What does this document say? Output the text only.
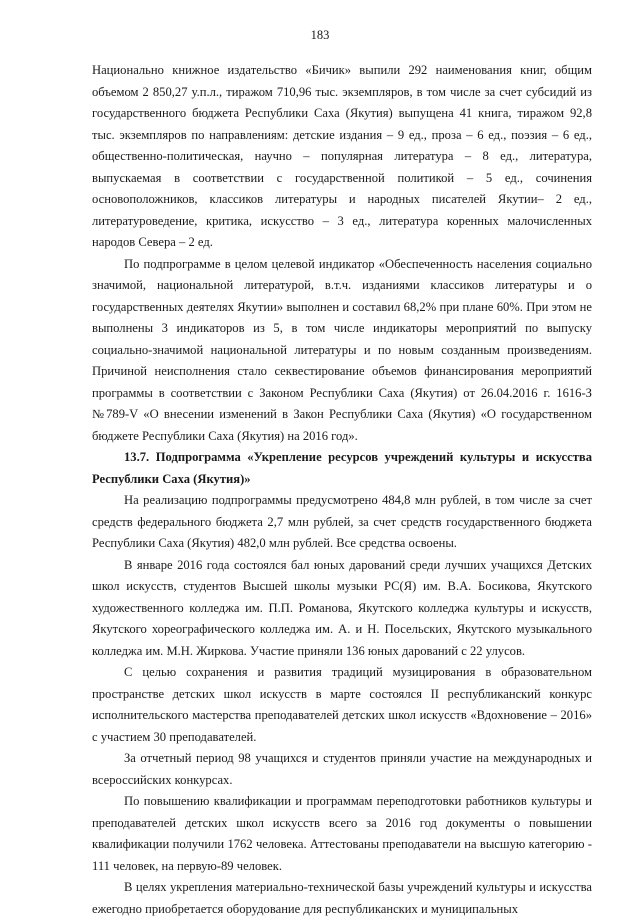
183

Национально книжное издательство «Бичик» выпили 292 наименования книг, общим объемом 2 850,27 у.п.л., тиражом 710,96 тыс. экземпляров, в том числе за счет субсидий из государственного бюджета Республики Саха (Якутия) выпущена 41 книга, тиражом 92,8 тыс. экземпляров по направлениям: детские издания – 9 ед., проза – 6 ед., поэзия – 6 ед., общественно-политическая, научно – популярная литература – 8 ед., литература, выпускаемая в соответствии с государственной политикой – 5 ед., сочинения основоположников, классиков литературы и народных писателей Якутии– 2 ед., литературоведение, критика, искусство – 3 ед., литература коренных малочисленных народов Севера – 2 ед.

По подпрограмме в целом целевой индикатор «Обеспеченность населения социально значимой, национальной литературой, в.т.ч. изданиями классиков литературы и о государственных деятелях Якутии» выполнен и составил 68,2% при плане 60%. При этом не выполнены 3 индикаторов из 5, в том числе индикаторы мероприятий по выпуску социально-значимой национальной литературы и по новым созданным произведениям. Причиной неисполнения стало секвестирование объемов финансирования мероприятий программы в соответствии с Законом Республики Саха (Якутия) от 26.04.2016 г. 1616-З №789-V «О внесении изменений в Закон Республики Саха (Якутия) «О государственном бюджете Республики Саха (Якутия) на 2016 год».

13.7. Подпрограмма «Укрепление ресурсов учреждений культуры и искусства Республики Саха (Якутия)»

На реализацию подпрограммы предусмотрено 484,8 млн рублей, в том числе за счет средств федерального бюджета 2,7 млн рублей, за счет средств государственного бюджета Республики Саха (Якутия) 482,0 млн рублей. Все средства освоены.

В январе 2016 года состоялся бал юных дарований среди лучших учащихся Детских школ искусств, студентов Высшей школы музыки РС(Я) им. В.А. Босикова, Якутского художественного колледжа им. П.П. Романова, Якутского колледжа культуры и искусств, Якутского хореографического колледжа им. А. и Н. Посельских, Якутского музыкального колледжа им. М.Н. Жиркова. Участие приняли 136 юных дарований с 22 улусов.

С целью сохранения и развития традиций музицирования в образовательном пространстве детских школ искусств в марте состоялся II республиканский конкурс исполнительского мастерства преподавателей детских школ искусств «Вдохновение – 2016» с участием 30 преподавателей.

За отчетный период 98 учащихся и студентов приняли участие на международных и всероссийских конкурсах.

По повышению квалификации и программам переподготовки работников культуры и преподавателей детских школ искусств всего за 2016 год документы о повышении квалификации получили 1762 человека. Аттестованы преподаватели на высшую категорию - 111 человек, на первую-89 человек.

В целях укрепления материально-технической базы учреждений культуры и искусства ежегодно приобретается оборудование для республиканских и муниципальных
